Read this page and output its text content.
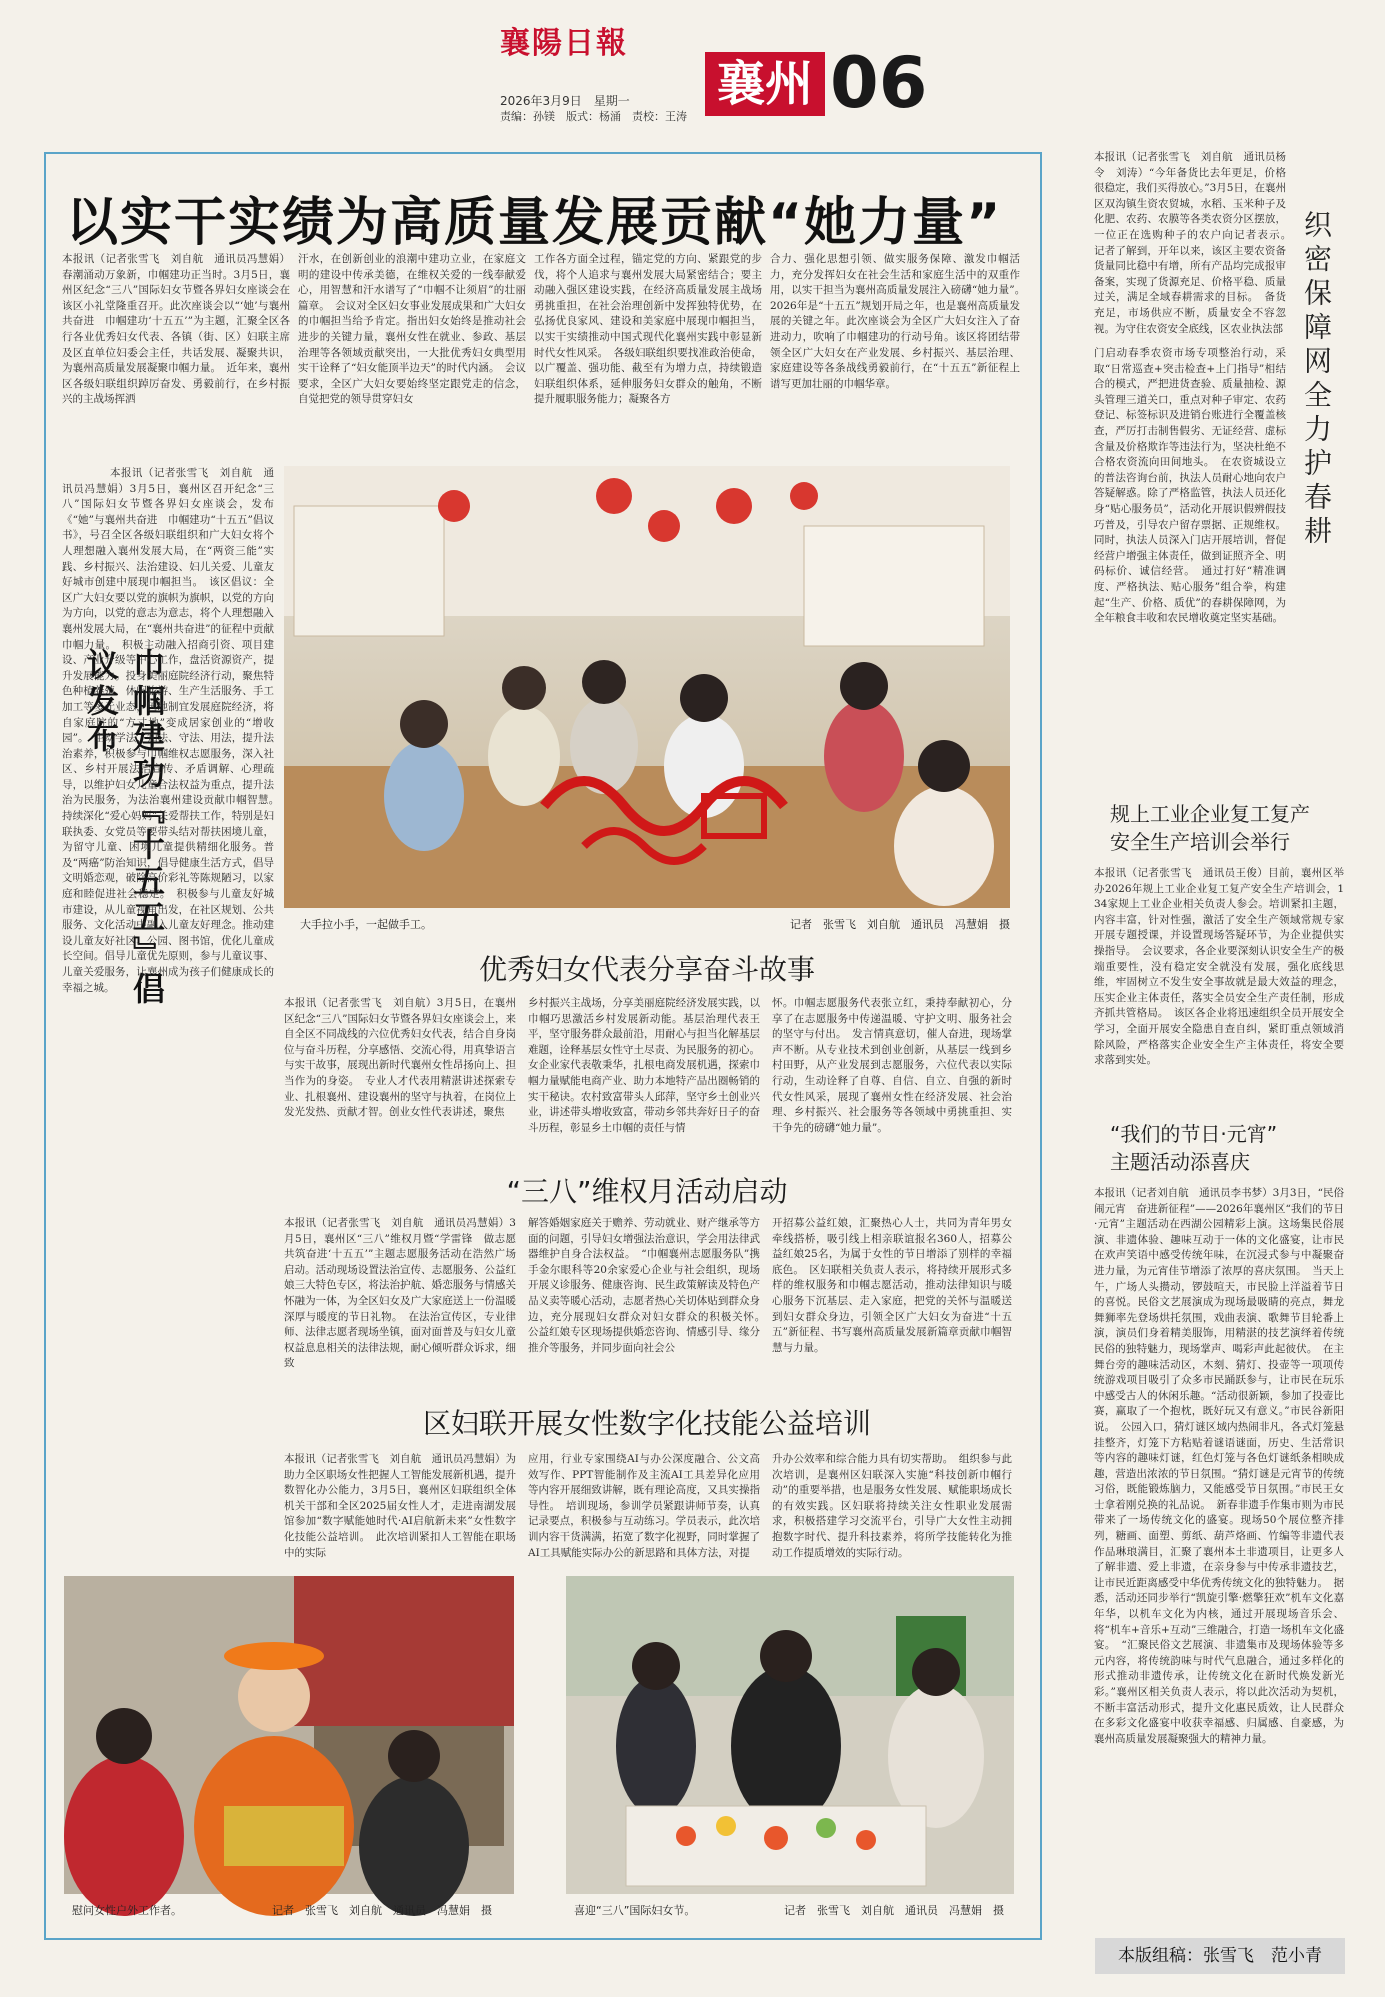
襄陽日報
2026年3月9日　星期一
责编：孙镁　版式：杨涌　责校：王涛
襄州 06
以实干实绩为高质量发展贡献“她力量”
本报讯（记者张雪飞　刘自航　通讯员冯慧娟）春潮涌动万象新，巾帼建功正当时。3月5日，襄州区纪念“三八”国际妇女节暨各界妇女座谈会在该区小礼堂隆重召开。此次座谈会以“‘她’与襄州共奋进　巾帼建功‘十五五’”为主题，汇聚全区各行各业优秀妇女代表、各镇（街、区）妇联主席及区直单位妇委会主任，共话发展、凝聚共识，为襄州高质量发展凝聚巾帼力量。　近年来，襄州区各级妇联组织踔厉奋发、勇毅前行，在乡村振兴的主战场挥洒
汗水，在创新创业的浪潮中建功立业，在家庭文明的建设中传承美德，在维权关爱的一线奉献爱心，用智慧和汗水谱写了“巾帼不让须眉”的壮丽篇章。　会议对全区妇女事业发展成果和广大妇女的巾帼担当给予肯定。指出妇女始终是推动社会进步的关键力量，襄州女性在就业、参政、基层治理等各领域贡献突出，一大批优秀妇女典型用实干诠释了“妇女能顶半边天”的时代内涵。　会议要求，全区广大妇女要始终坚定跟党走的信念，自觉把党的领导贯穿妇女
工作各方面全过程，锚定党的方向、紧跟党的步伐，将个人追求与襄州发展大局紧密结合；要主动融入强区建设实践，在经济高质量发展主战场勇挑重担，在社会治理创新中发挥独特优势，在弘扬优良家风、建设和美家庭中展现巾帼担当，以实干实绩推动中国式现代化襄州实践中彰显新时代女性风采。　各级妇联组织要找准政治使命，以广覆盖、强功能、截至有为增力点，持续锻造妇联组织体系，延伸服务妇女群众的触角，不断提升履职服务能力；凝聚各方
合力、强化思想引领、做实服务保障、激发巾帼活力，充分发挥妇女在社会生活和家庭生活中的双重作用，以实干担当为襄州高质量发展注入磅礴“她力量”。　2026年是“十五五”规划开局之年，也是襄州高质量发展的关键之年。此次座谈会为全区广大妇女注入了奋进动力，吹响了巾帼建功的行动号角。该区将团结带领全区广大妇女在产业发展、乡村振兴、基层治理、家庭建设等各条战线勇毅前行，在“十五五”新征程上谱写更加壮丽的巾帼华章。
巾帼建功『十五五』倡议发布
本报讯（记者张雪飞　刘自航　通讯员冯慧娟）3月5日，襄州区召开纪念“三八”国际妇女节暨各界妇女座谈会，发布《“她”与襄州共奋进　巾帼建功“十五五”倡议书》，号召全区各级妇联组织和广大妇女将个人理想融入襄州发展大局，在“两资三能”实践、乡村振兴、法治建设、妇儿关爱、儿童友好城市创建中展现巾帼担当。　该区倡议：全区广大妇女要以党的旗帜为旗帜，以党的方向为方向，以党的意志为意志，将个人理想融入襄州发展大局，在“襄州共奋进”的征程中贡献巾帼力量。　积极主动融入招商引资、项目建设、产业升级等中心工作，盘活资源资产，提升发展能力。投身美丽庭院经济行动，聚焦特色种植养殖、休闲旅游、生产生活服务、手工加工等多元业态，因地制宜发展庭院经济，将自家庭院的“方寸地”变成居家创业的“增收园”。　主动学法、知法、守法、用法，提升法治素养，积极参与巾帼维权志愿服务，深入社区、乡村开展法治宣传、矛盾调解、心理疏导，以维护妇女儿童合法权益为重点，提升法治为民服务，为法治襄州建设贡献巾帼智慧。　持续深化“爱心妈妈”关爱帮扶工作，特别是妇联执委、女党员等要带头结对帮扶困境儿童，为留守儿童、困境儿童提供精细化服务。普及“两癌”防治知识，倡导健康生活方式，倡导文明婚恋观，破除高价彩礼等陈规陋习，以家庭和睦促进社会稳定。　积极参与儿童友好城市建设，从儿童视角出发，在社区规划、公共服务、文化活动中融入儿童友好理念。推动建设儿童友好社区、公园、图书馆，优化儿童成长空间。倡导儿童优先原则，参与儿童议事、儿童关爱服务，让襄州成为孩子们健康成长的幸福之城。
大手拉小手，一起做手工。	记者　张雪飞　刘自航　通讯员　冯慧娟　摄
优秀妇女代表分享奋斗故事
本报讯（记者张雪飞　刘自航）3月5日，在襄州区纪念“三八”国际妇女节暨各界妇女座谈会上，来自全区不同战线的六位优秀妇女代表，结合自身岗位与奋斗历程，分享感悟、交流心得，用真挚语言与实干故事，展现出新时代襄州女性昂扬向上、担当作为的身姿。　专业人才代表用精湛讲述探索专业、扎根襄州、建设襄州的坚守与执着，在岗位上发光发热、贡献才智。创业女性代表讲述，聚焦
乡村振兴主战场，分享美丽庭院经济发展实践，以巾帼巧思激活乡村发展新动能。基层治理代表王平，坚守服务群众最前沿，用耐心与担当化解基层难题，诠释基层女性守土尽责、为民服务的初心。女企业家代表敬秉华，扎根电商发展机遇，探索巾帼力量赋能电商产业、助力本地特产品出圈畅销的实干秘诀。农村致富带头人邱萍，坚守乡土创业兴业，讲述带头增收致富，带动乡邻共奔好日子的奋斗历程，彰显乡土巾帼的责任与情
怀。巾帼志愿服务代表张立红，秉持奉献初心，分享了在志愿服务中传递温暖、守护文明、服务社会的坚守与付出。　发言情真意切，催人奋进，现场掌声不断。从专业技术到创业创新，从基层一线到乡村田野，从产业发展到志愿服务，六位代表以实际行动，生动诠释了自尊、自信、自立、自强的新时代女性风采，展现了襄州女性在经济发展、社会治理、乡村振兴、社会服务等各领域中勇挑重担、实干争先的磅礴“她力量”。
“三八”维权月活动启动
本报讯（记者张雪飞　刘自航　通讯员冯慧娟）3月5日，襄州区“三八”维权月暨“学雷锋　做志愿　共筑奋进‘十五五’”主题志愿服务活动在浩然广场启动。活动现场设置法治宣传、志愿服务、公益红娘三大特色专区，将法治护航、婚恋服务与情感关怀融为一体，为全区妇女及广大家庭送上一份温暖深厚与暖度的节日礼物。　在法治宣传区，专业律师、法律志愿者现场坐镇，面对面普及与妇女儿童权益息息相关的法律法规，耐心倾听群众诉求，细致
解答婚姻家庭关于赡养、劳动就业、财产继承等方面的问题，引导妇女增强法治意识，学会用法律武器维护自身合法权益。　“巾帼襄州志愿服务队”携手金尔眼科等20余家爱心企业与社会组织，现场开展义诊服务、健康咨询、民生政策解读及特色产品义卖等暖心活动，志愿者热心关切体贴到群众身边，充分展现妇女群众对妇女群众的积极关怀。　公益红娘专区现场提供婚恋咨询、情感引导、缘分推介等服务，并同步面向社会公
开招募公益红娘，汇聚热心人士，共同为青年男女牵线搭桥，吸引线上相亲联谊报名360人，招募公益红娘25名，为属于女性的节日增添了别样的幸福底色。　区妇联相关负责人表示，将持续开展形式多样的维权服务和巾帼志愿活动，推动法律知识与暖心服务下沉基层、走入家庭，把党的关怀与温暖送到妇女群众身边，引领全区广大妇女为奋进“十五五”新征程、书写襄州高质量发展新篇章贡献巾帼智慧与力量。
区妇联开展女性数字化技能公益培训
本报讯（记者张雪飞　刘自航　通讯员冯慧娟）为助力全区职场女性把握人工智能发展新机遇，提升数智化办公能力，3月5日，襄州区妇联组织全体机关干部和全区2025届女性人才，走进南湖发展馆参加“数字赋能她时代·AI启航新未来”女性数字化技能公益培训。　此次培训紧扣人工智能在职场中的实际
应用，行业专家围绕AI与办公深度融合、公文高效写作、PPT智能制作及主流AI工具差异化应用等内容开展细致讲解，既有理论高度，又具实操指导性。　培训现场，参训学员紧跟讲师节奏，认真记录要点，积极参与互动练习。学员表示，此次培训内容干货满满，拓宽了数字化视野，同时掌握了AI工具赋能实际办公的新思路和具体方法，对提
升办公效率和综合能力具有切实帮助。　组织参与此次培训，是襄州区妇联深入实施“科技创新巾帼行动”的重要举措，也是服务女性发展、赋能职场成长的有效实践。区妇联将持续关注女性职业发展需求，积极搭建学习交流平台，引导广大女性主动拥抱数字时代、提升科技素养，将所学技能转化为推动工作提质增效的实际行动。
慰问女性户外工作者。	记者　张雪飞　刘自航　通讯员　冯慧娟　摄	喜迎“三八”国际妇女节。	记者　张雪飞　刘自航　通讯员　冯慧娟　摄
织密保障网
全力护春耕
本报讯（记者张雪飞　刘自航　通讯员杨令　刘涛）“今年备货比去年更足，价格很稳定，我们买得放心。”3月5日，在襄州区双沟镇生资农贸城，水稻、玉米种子及化肥、农药、农膜等各类农资分区摆放，一位正在选购种子的农户向记者表示。　记者了解到，开年以来，该区主要农资备货量同比稳中有增，所有产品均完成报审备案，实现了货源充足、价格平稳、质量过关，满足全域春耕需求的目标。　备货充足，市场供应不断，质量安全不容忽视。为守住农资安全底线，区农业执法部
规上工业企业复工复产
安全生产培训会举行
本报讯（记者张雪飞　通讯员王俊）目前，襄州区举办2026年规上工业企业复工复产安全生产培训会，134家规上工业企业相关负责人参会。培训紧扣主题，内容丰富，针对性强，激活了安全生产领域常规专家开展专题授课，并设置现场答疑环节，为企业提供实操指导。　会议要求，各企业要深刻认识安全生产的极端重要性，没有稳定安全就没有发展，强化底线思维，牢固树立不发生安全事故就是最大效益的理念，压实企业主体责任，落实全员安全生产责任制，形成齐抓共管格局。　该区各企业将迅速组织全员开展安全学习，全面开展安全隐患自查自纠，紧盯重点领域消除风险，严格落实企业安全生产主体责任，将安全要求落到实处。
“我们的节日·元宵”
主题活动添喜庆
本报讯（记者刘自航　通讯员李书梦）3月3日，“民俗闹元宵　奋进新征程”——2026年襄州区“我们的节日·元宵”主题活动在西湖公园精彩上演。这场集民俗展演、非遗体验、趣味互动于一体的文化盛宴，让市民在欢声笑语中感受传统年味，在沉浸式参与中凝聚奋进力量，为元宵佳节增添了浓厚的喜庆氛围。　当天上午，广场人头攒动，锣鼓喧天，市民脸上洋溢着节日的喜悦。民俗文艺展演成为现场最吸睛的亮点，舞龙舞狮率先登场烘托氛围，戏曲表演、歌舞节目轮番上演，演员们身着精美服饰，用精湛的技艺演绎着传统民俗的独特魅力，现场掌声、喝彩声此起彼伏。　在主舞台旁的趣味活动区，木刻、猜灯、投壶等一项项传统游戏项目吸引了众多市民踊跃参与，让市民在玩乐中感受古人的休闲乐趣。“活动很新颖，参加了投壶比赛，赢取了一个抱枕，既好玩又有意义。”市民谷新阳说。　公园入口，猜灯谜区域内热闹非凡，各式灯笼悬挂整齐，灯笼下方粘贴着谜语谜面，历史、生活常识等内容的趣味灯谜，红色灯笼与各色灯谜纸条相映成趣，营造出浓浓的节日氛围。“猜灯谜是元宵节的传统习俗，既能锻炼脑力，又能感受节日氛围。”市民王女士拿着刚兑换的礼品说。　新春非遗手作集市则为市民带来了一场传统文化的盛宴。现场50个展位整齐排列，糖画、面塑、剪纸、葫芦烙画、竹编等非遗代表作品琳琅满目，汇聚了襄州本土非遗项目，让更多人了解非遗、爱上非遗，在亲身参与中传承非遗技艺，让市民近距离感受中华优秀传统文化的独特魅力。　据悉，活动还同步举行“凯旋引擎·燃擎狂欢”机车文化嘉年华，以机车文化为内核，通过开展现场音乐会、将“机车+音乐+互动”三维融合，打造一场机车文化盛宴。　“汇聚民俗文艺展演、非遗集市及现场体验等多元内容，将传统韵味与时代气息融合，通过多样化的形式推动非遗传承，让传统文化在新时代焕发新光彩。”襄州区相关负责人表示，将以此次活动为契机，不断丰富活动形式，提升文化惠民质效，让人民群众在多彩文化盛宴中收获幸福感、归属感、自豪感，为襄州高质量发展凝聚强大的精神力量。
本版组稿：张雪飞　范小青
门启动春季农资市场专项整治行动，采取“日常巡查+突击检查+上门指导”相结合的模式，严把进货查验、质量抽检、源头管理三道关口，重点对种子审定、农药登记、标签标识及进销台账进行全覆盖核查，严厉打击制售假劣、无证经营、虚标含量及价格欺诈等违法行为，坚决杜绝不合格农资流向田间地头。　在农资城设立的普法咨询台前，执法人员耐心地向农户答疑解惑。除了严格监管，执法人员还化身“贴心服务员”，活动化开展识假辨假技巧普及，引导农户留存票据、正规维权。同时，执法人员深入门店开展培训，督促经营户增强主体责任，做到证照齐全、明码标价、诚信经营。　通过打好“精准调度、严格执法、贴心服务”组合拳，构建起“生产、价格、质优”的春耕保障网，为全年粮食丰收和农民增收奠定坚实基础。
